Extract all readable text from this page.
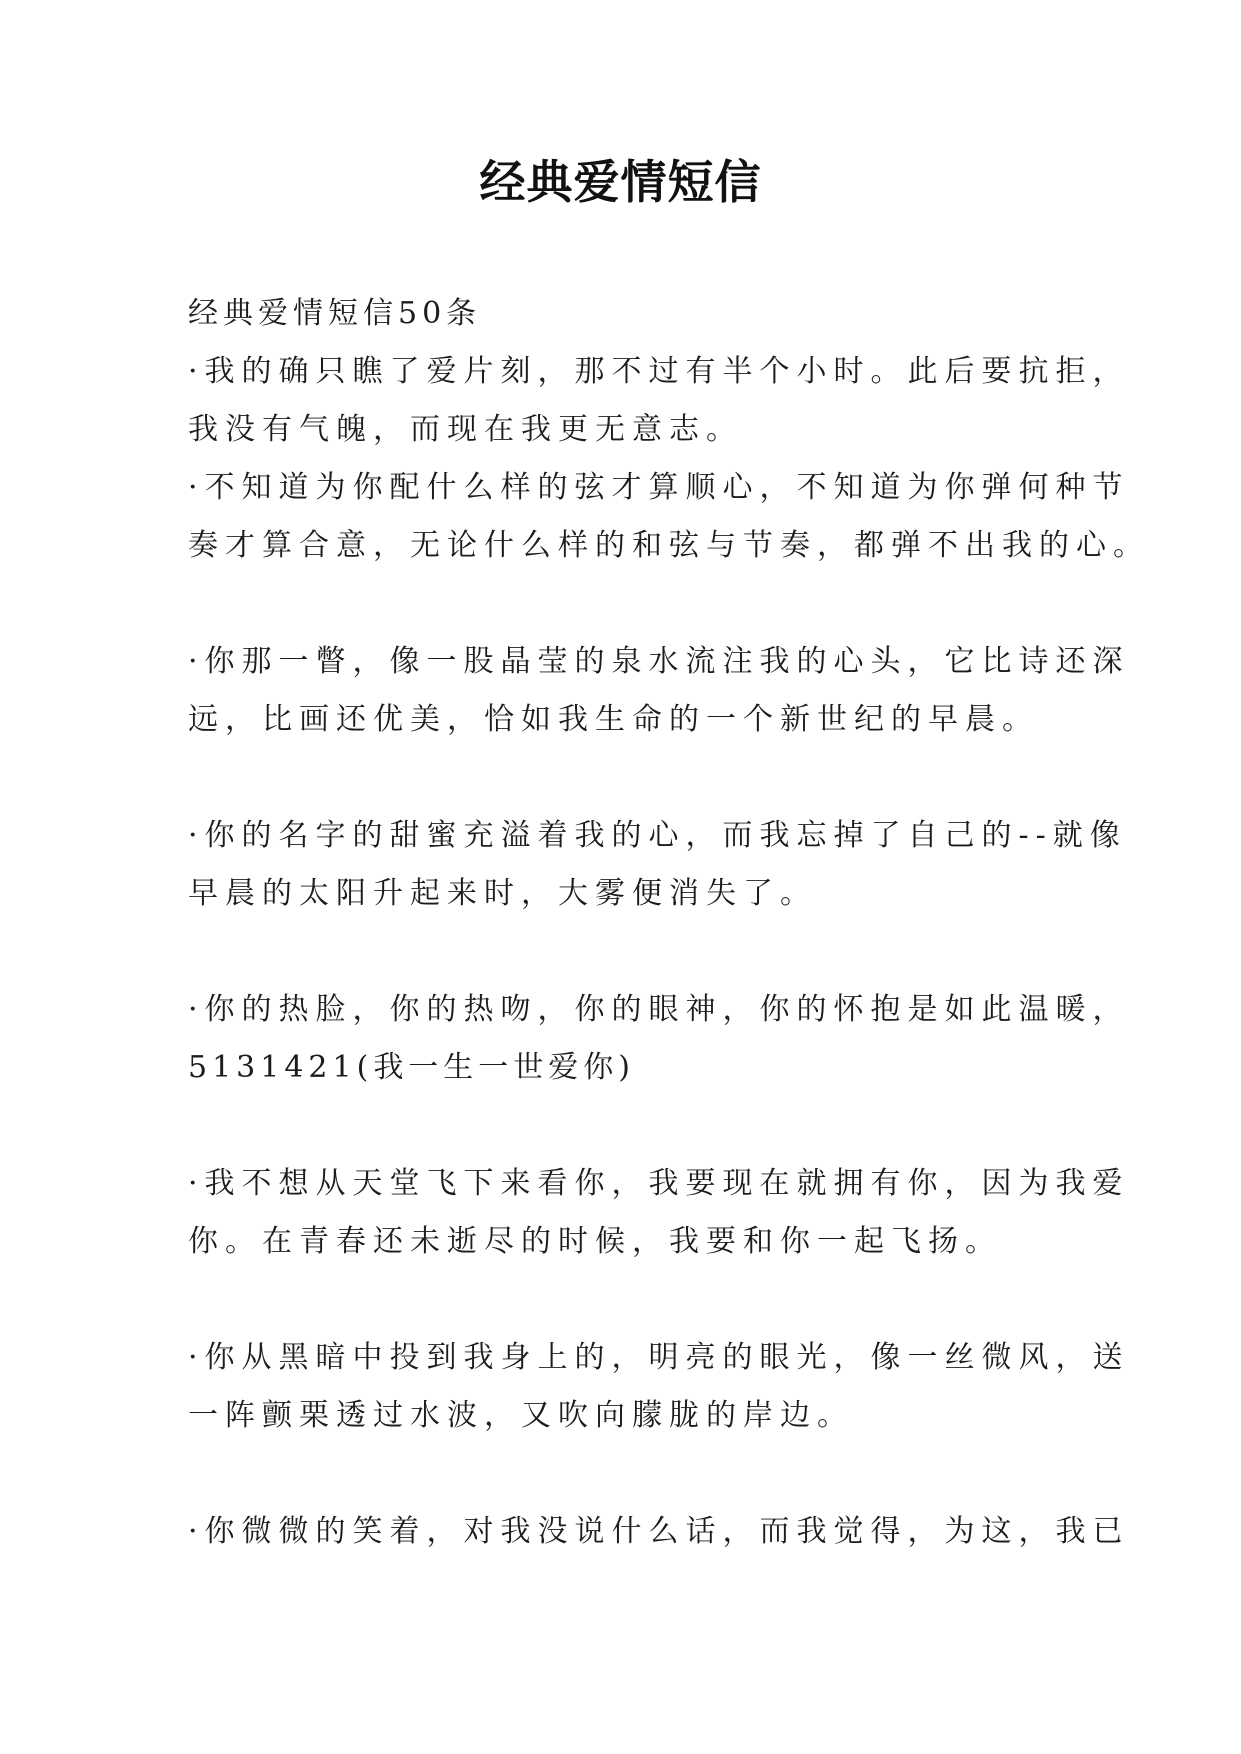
经典爱情短信
经典爱情短信50条
·我的确只瞧了爱片刻，那不过有半个小时。此后要抗拒，
我没有气魄，而现在我更无意志。
·不知道为你配什么样的弦才算顺心，不知道为你弹何种节
奏才算合意，无论什么样的和弦与节奏，都弹不出我的心。
·你那一瞥，像一股晶莹的泉水流注我的心头，它比诗还深
远，比画还优美，恰如我生命的一个新世纪的早晨。
·你的名字的甜蜜充溢着我的心，而我忘掉了自己的--就像
早晨的太阳升起来时，大雾便消失了。
·你的热脸，你的热吻，你的眼神，你的怀抱是如此温暖，
5131421(我一生一世爱你)
·我不想从天堂飞下来看你，我要现在就拥有你，因为我爱
你。在青春还未逝尽的时候，我要和你一起飞扬。
·你从黑暗中投到我身上的，明亮的眼光，像一丝微风，送
一阵颤栗透过水波，又吹向朦胧的岸边。
·你微微的笑着，对我没说什么话，而我觉得，为这，我已
